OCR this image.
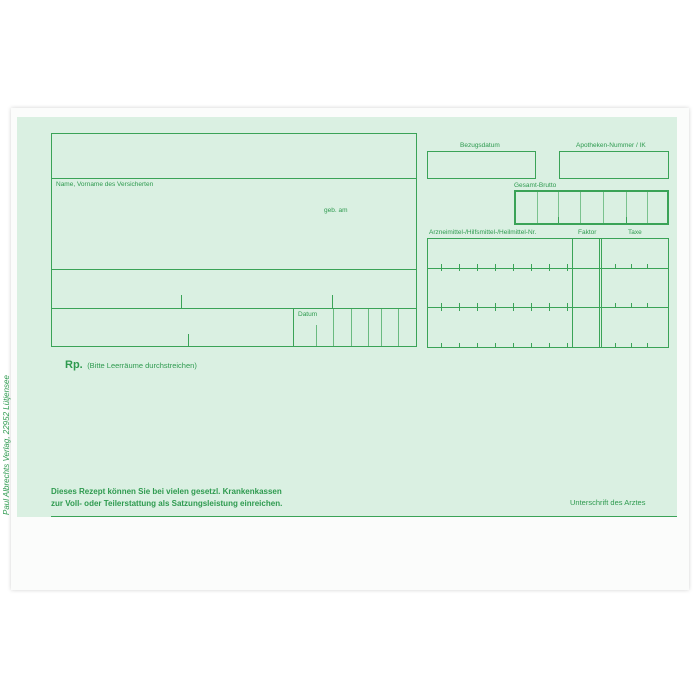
Paul Albrechts Verlag, 22952 Lütjensee
Name, Vorname des Versicherten
geb. am
Datum
Bezugsdatum	Apotheken-Nummer / IK
Gesamt-Brutto
Arzneimittel-/Hilfsmittel-/Heilmittel-Nr.	Faktor	Taxe
Rp. (Bitte Leerräume durchstreichen)
Dieses Rezept können Sie bei vielen gesetzl. Krankenkassen
zur Voll- oder Teilerstattung als Satzungsleistung einreichen.	Unterschrift des Arztes
